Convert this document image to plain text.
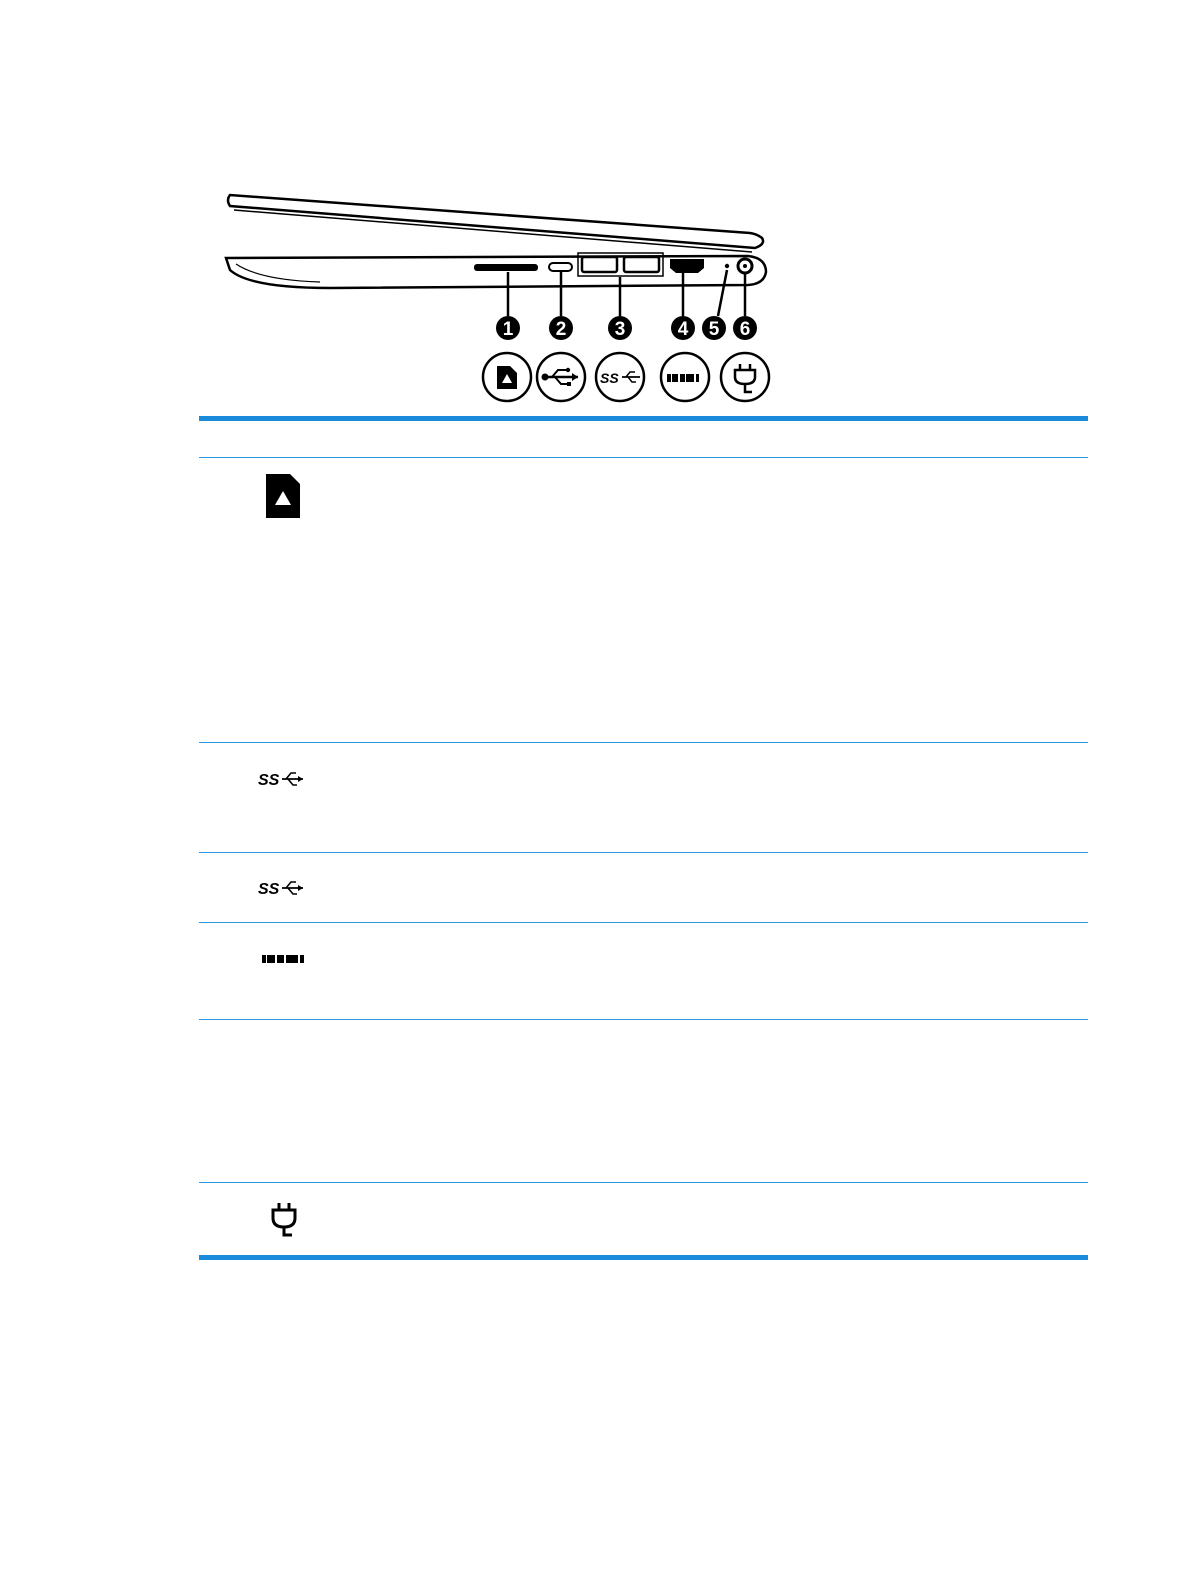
1 2	3	4 5 6
SS
SS
SS
